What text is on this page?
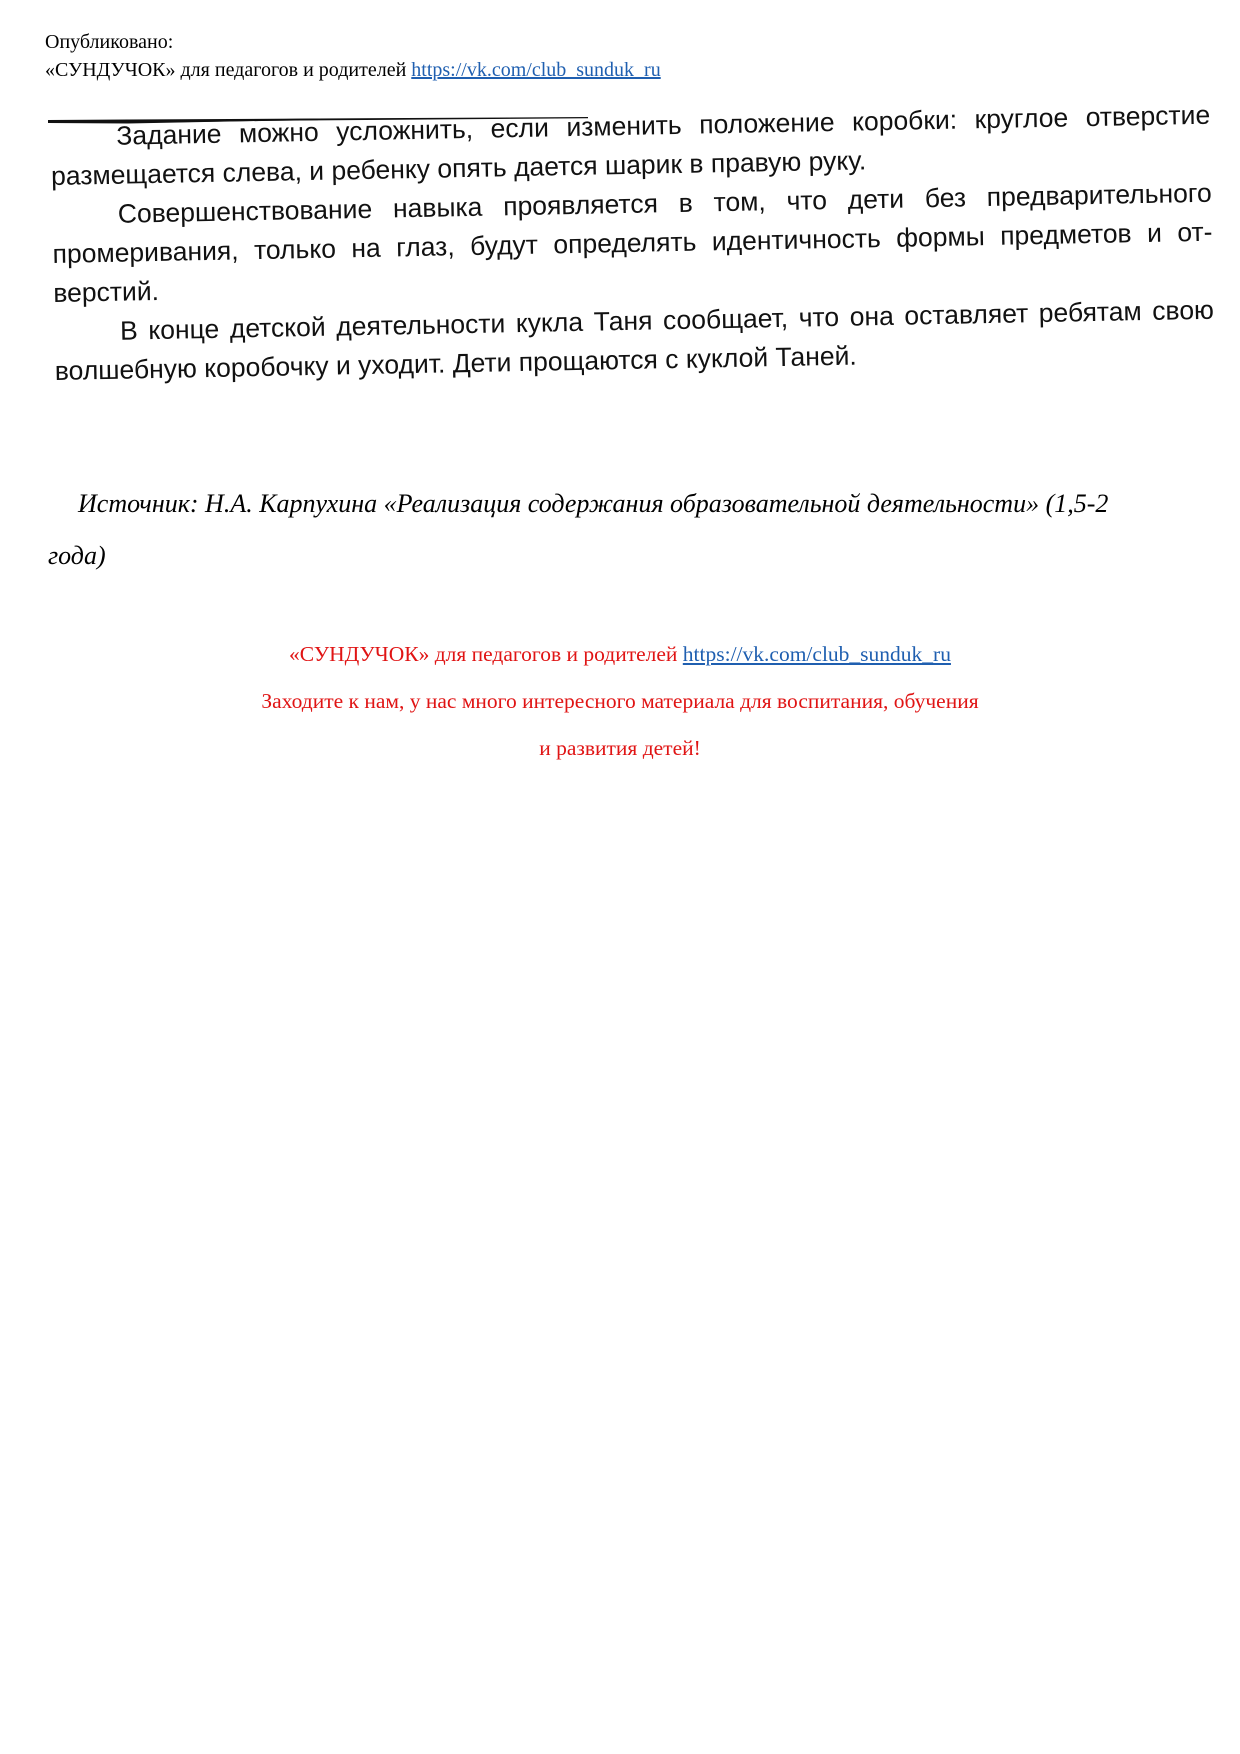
Опубликовано:
«СУНДУЧОК» для педагогов и родителей https://vk.com/club_sunduk_ru

Задание можно усложнить, если изменить положение коробки: круглое отверстие размещается слева, и ребенку опять дается шарик в правую руку.

Совершенствование навыка проявляется в том, что дети без предварительного промеривания, только на глаз, будут определять идентичность формы предметов и отверстий.

В конце детской деятельности кукла Таня сообщает, что она оставляет ребятам свою волшебную коробочку и уходит. Дети прощаются с куклой Таней.

Источник: Н.А. Карпухина «Реализация содержания образовательной деятельности» (1,5-2 года)
«СУНДУЧОК» для педагогов и родителей https://vk.com/club_sunduk_ru
Заходите к нам, у нас много интересного материала для воспитания, обучения
и развития детей!
